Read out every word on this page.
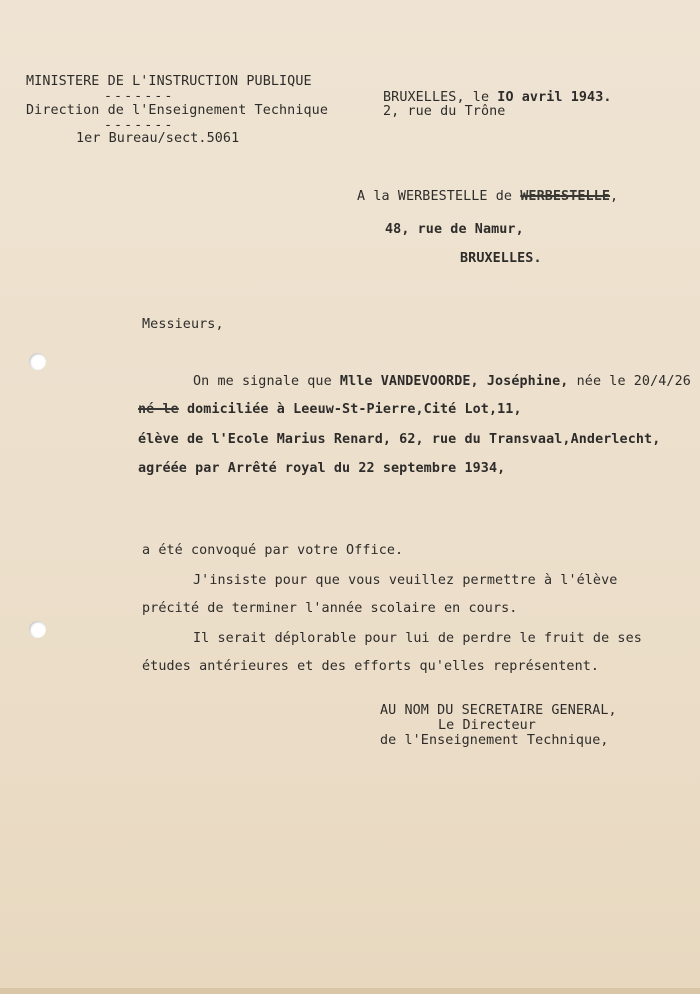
MINISTERE DE L'INSTRUCTION PUBLIQUE
-------
Direction de l'Enseignement Technique
-------
1er Bureau/sect.5061
BRUXELLES, le IO avril 1943.
2, rue du Trône
A la WERBESTELLE de WERBESTELLE,
48, rue de Namur,
BRUXELLES.
Messieurs,
On me signale que Mlle VANDEVOORDE, Joséphine, née le 20/4/26
né le domiciliée à Leeuw-St-Pierre,Cité Lot,11,
élève de l'Ecole Marius Renard, 62, rue du Transvaal,Anderlecht,
agréée par Arrêté royal du 22 septembre 1934,
a été convoqué par votre Office.
J'insiste pour que vous veuillez permettre à l'élève
précité de terminer l'année scolaire en cours.
Il serait déplorable pour lui de perdre le fruit de ses
études antérieures et des efforts qu'elles représentent.
AU NOM DU SECRETAIRE GENERAL,
Le Directeur
de l'Enseignement Technique,
